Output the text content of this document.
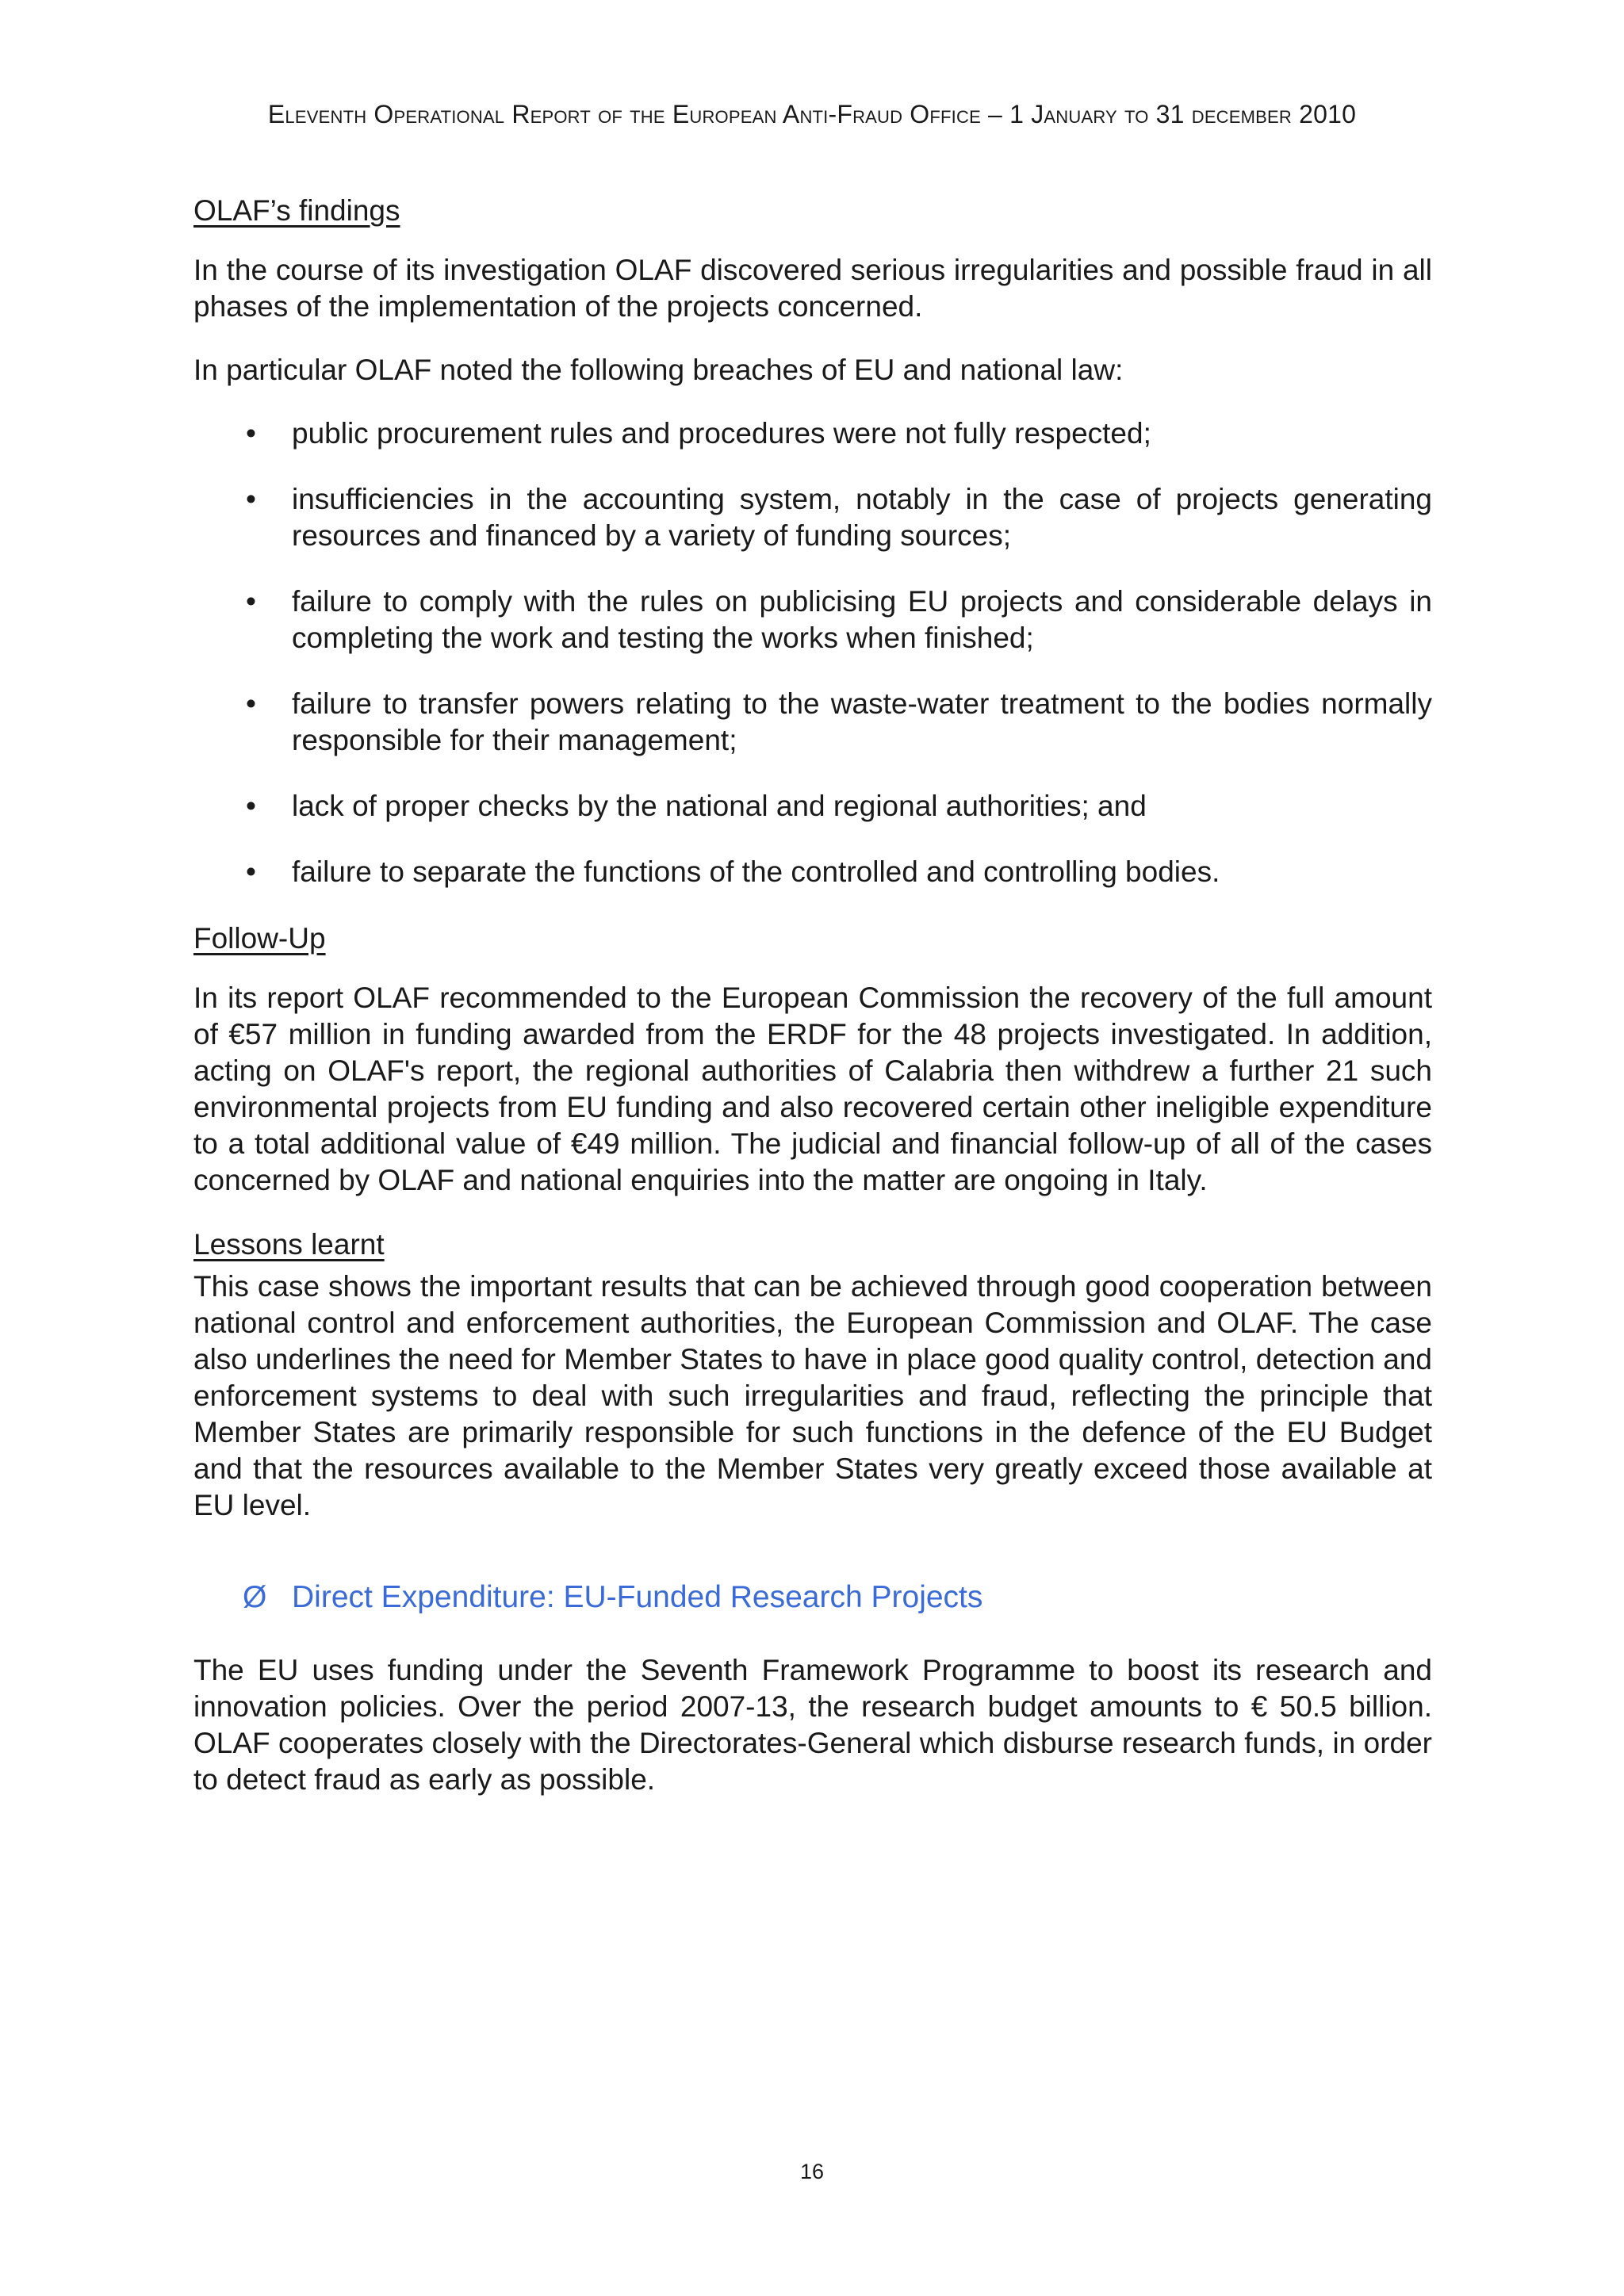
Eleventh Operational Report of the European Anti-Fraud Office – 1 January to 31 december 2010
OLAF’s findings

In the course of its investigation OLAF discovered serious irregularities and possible fraud in all phases of the implementation of the projects concerned.

In particular OLAF noted the following breaches of EU and national law:

• public procurement rules and procedures were not fully respected;
• insufficiencies in the accounting system, notably in the case of projects generating resources and financed by a variety of funding sources;
• failure to comply with the rules on publicising EU projects and considerable delays in completing the work and testing the works when finished;
• failure to transfer powers relating to the waste-water treatment to the bodies normally responsible for their management;
• lack of proper checks by the national and regional authorities; and
• failure to separate the functions of the controlled and controlling bodies.
Follow-Up

In its report OLAF recommended to the European Commission the recovery of the full amount of €57 million in funding awarded from the ERDF for the 48 projects investigated. In addition, acting on OLAF's report, the regional authorities of Calabria then withdrew a further 21 such environmental projects from EU funding and also recovered certain other ineligible expenditure to a total additional value of €49 million. The judicial and financial follow-up of all of the cases concerned by OLAF and national enquiries into the matter are ongoing in Italy.

Lessons learnt

This case shows the important results that can be achieved through good cooperation between national control and enforcement authorities, the European Commission and OLAF. The case also underlines the need for Member States to have in place good quality control, detection and enforcement systems to deal with such irregularities and fraud, reflecting the principle that Member States are primarily responsible for such functions in the defence of the EU Budget and that the resources available to the Member States very greatly exceed those available at EU level.

Ø Direct Expenditure: EU-Funded Research Projects

The EU uses funding under the Seventh Framework Programme to boost its research and innovation policies. Over the period 2007-13, the research budget amounts to € 50.5 billion. OLAF cooperates closely with the Directorates-General which disburse research funds, in order to detect fraud as early as possible.

16
